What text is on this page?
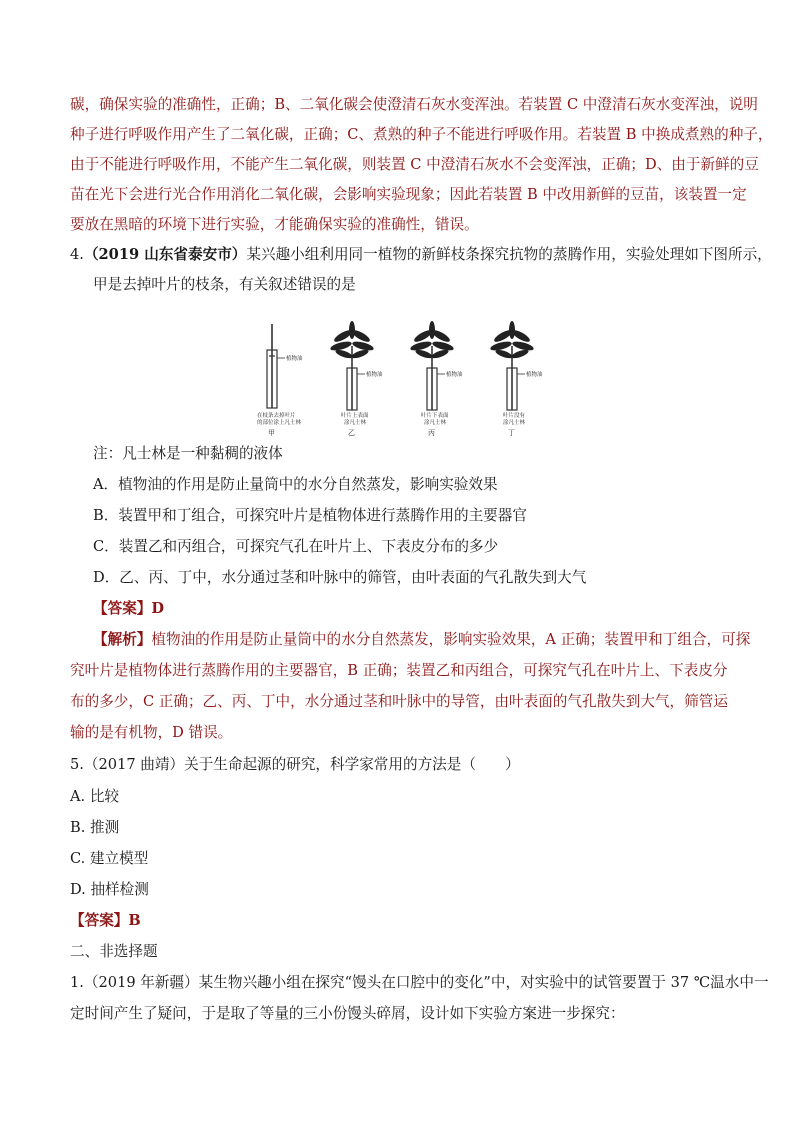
碳，确保实验的准确性，正确；B、二氧化碳会使澄清石灰水变浑浊。若装置 C 中澄清石灰水变浑浊，说明
种子进行呼吸作用产生了二氧化碳，正确；C、煮熟的种子不能进行呼吸作用。若装置 B 中换成煮熟的种子，
由于不能进行呼吸作用，不能产生二氧化碳，则装置 C 中澄清石灰水不会变浑浊，正确；D、由于新鲜的豆
苗在光下会进行光合作用消化二氧化碳，会影响实验现象；因此若装置 B 中改用新鲜的豆苗，该装置一定
要放在黑暗的环境下进行实验，才能确保实验的准确性，错误。
4.（2019 山东省泰安市）某兴趣小组利用同一植物的新鲜枝条探究抗物的蒸腾作用，实验处理如下图所示，
甲是去掉叶片的枝条，有关叙述错误的是
植物油
植物油	植物油	植物油
在枝条去掉叶片
的部位涂上凡士林
叶片上表面
涂凡士林
叶片下表面
涂凡士林
叶片没有
涂凡士林
甲	乙	丙	丁
注：凡士林是一种黏稠的液体
A．植物油的作用是防止量筒中的水分自然蒸发，影响实验效果
B．装置甲和丁组合，可探究叶片是植物体进行蒸腾作用的主要器官
C．装置乙和丙组合，可探究气孔在叶片上、下表皮分布的多少
D．乙、丙、丁中，水分通过茎和叶脉中的筛管，由叶表面的气孔散失到大气
【答案】D
【解析】植物油的作用是防止量筒中的水分自然蒸发，影响实验效果，A 正确；装置甲和丁组合，可探
究叶片是植物体进行蒸腾作用的主要器官，B 正确；装置乙和丙组合，可探究气孔在叶片上、下表皮分
布的多少，C 正确；乙、丙、丁中，水分通过茎和叶脉中的导管，由叶表面的气孔散失到大气，筛管运
输的是有机物，D 错误。
5.（2017 曲靖）关于生命起源的研究，科学家常用的方法是（　　）
A. 比较
B. 推测
C. 建立模型
D. 抽样检测
【答案】B
二、非选择题
1.（2019 年新疆）某生物兴趣小组在探究“馒头在口腔中的变化”中，对实验中的试管要置于 37 ℃温水中一
定时间产生了疑问，于是取了等量的三小份馒头碎屑，设计如下实验方案进一步探究：
